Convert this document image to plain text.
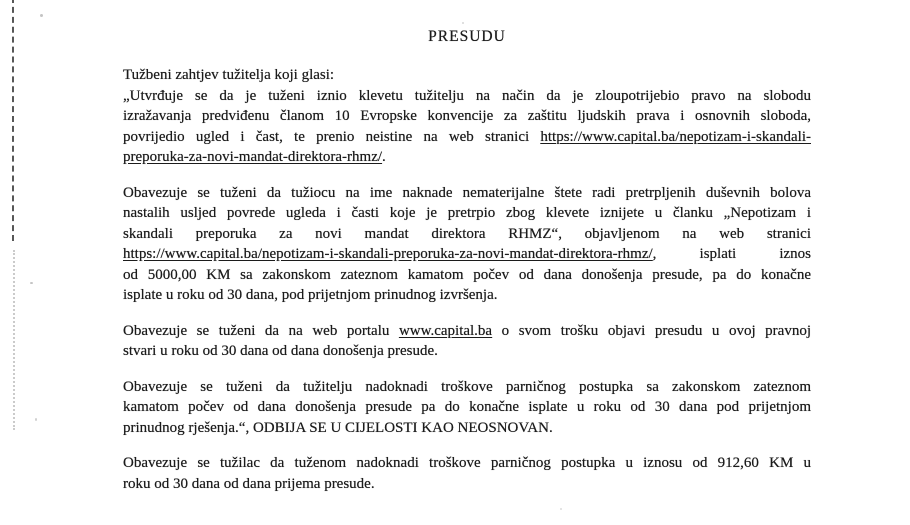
PRESUDU
Tužbeni zahtjev tužitelja koji glasi:
„Utvrđuje se da je tuženi iznio klevetu tužitelju na način da je zloupotrijebio pravo na slobodu
izražavanja predviđenu članom 10 Evropske konvencije za zaštitu ljudskih prava i osnovnih sloboda,
povrijedio ugled i čast, te prenio neistine na web stranici https://www.capital.ba/nepotizam-i-skandali-
preporuka-za-novi-mandat-direktora-rhmz/.
Obavezuje se tuženi da tužiocu na ime naknade nematerijalne štete radi pretrpljenih duševnih bolova
nastalih usljed povrede ugleda i časti koje je pretrpio zbog klevete iznijete u članku „Nepotizam i
skandali preporuka za novi mandat direktora RHMZ“, objavljenom na web stranici
https://www.capital.ba/nepotizam-i-skandali-preporuka-za-novi-mandat-direktora-rhmz/, isplati iznos
od 5000,00 KM sa zakonskom zateznom kamatom počev od dana donošenja presude, pa do konačne
isplate u roku od 30 dana, pod prijetnjom prinudnog izvršenja.
Obavezuje se tuženi da na web portalu www.capital.ba o svom trošku objavi presudu u ovoj pravnoj
stvari u roku od 30 dana od dana donošenja presude.
Obavezuje se tuženi da tužitelju nadoknadi troškove parničnog postupka sa zakonskom zateznom
kamatom počev od dana donošenja presude pa do konačne isplate u roku od 30 dana pod prijetnjom
prinudnog rješenja.“, ODBIJA SE U CIJELOSTI KAO NEOSNOVAN.
Obavezuje se tužilac da tuženom nadoknadi troškove parničnog postupka u iznosu od 912,60 KM u
roku od 30 dana od dana prijema presude.
